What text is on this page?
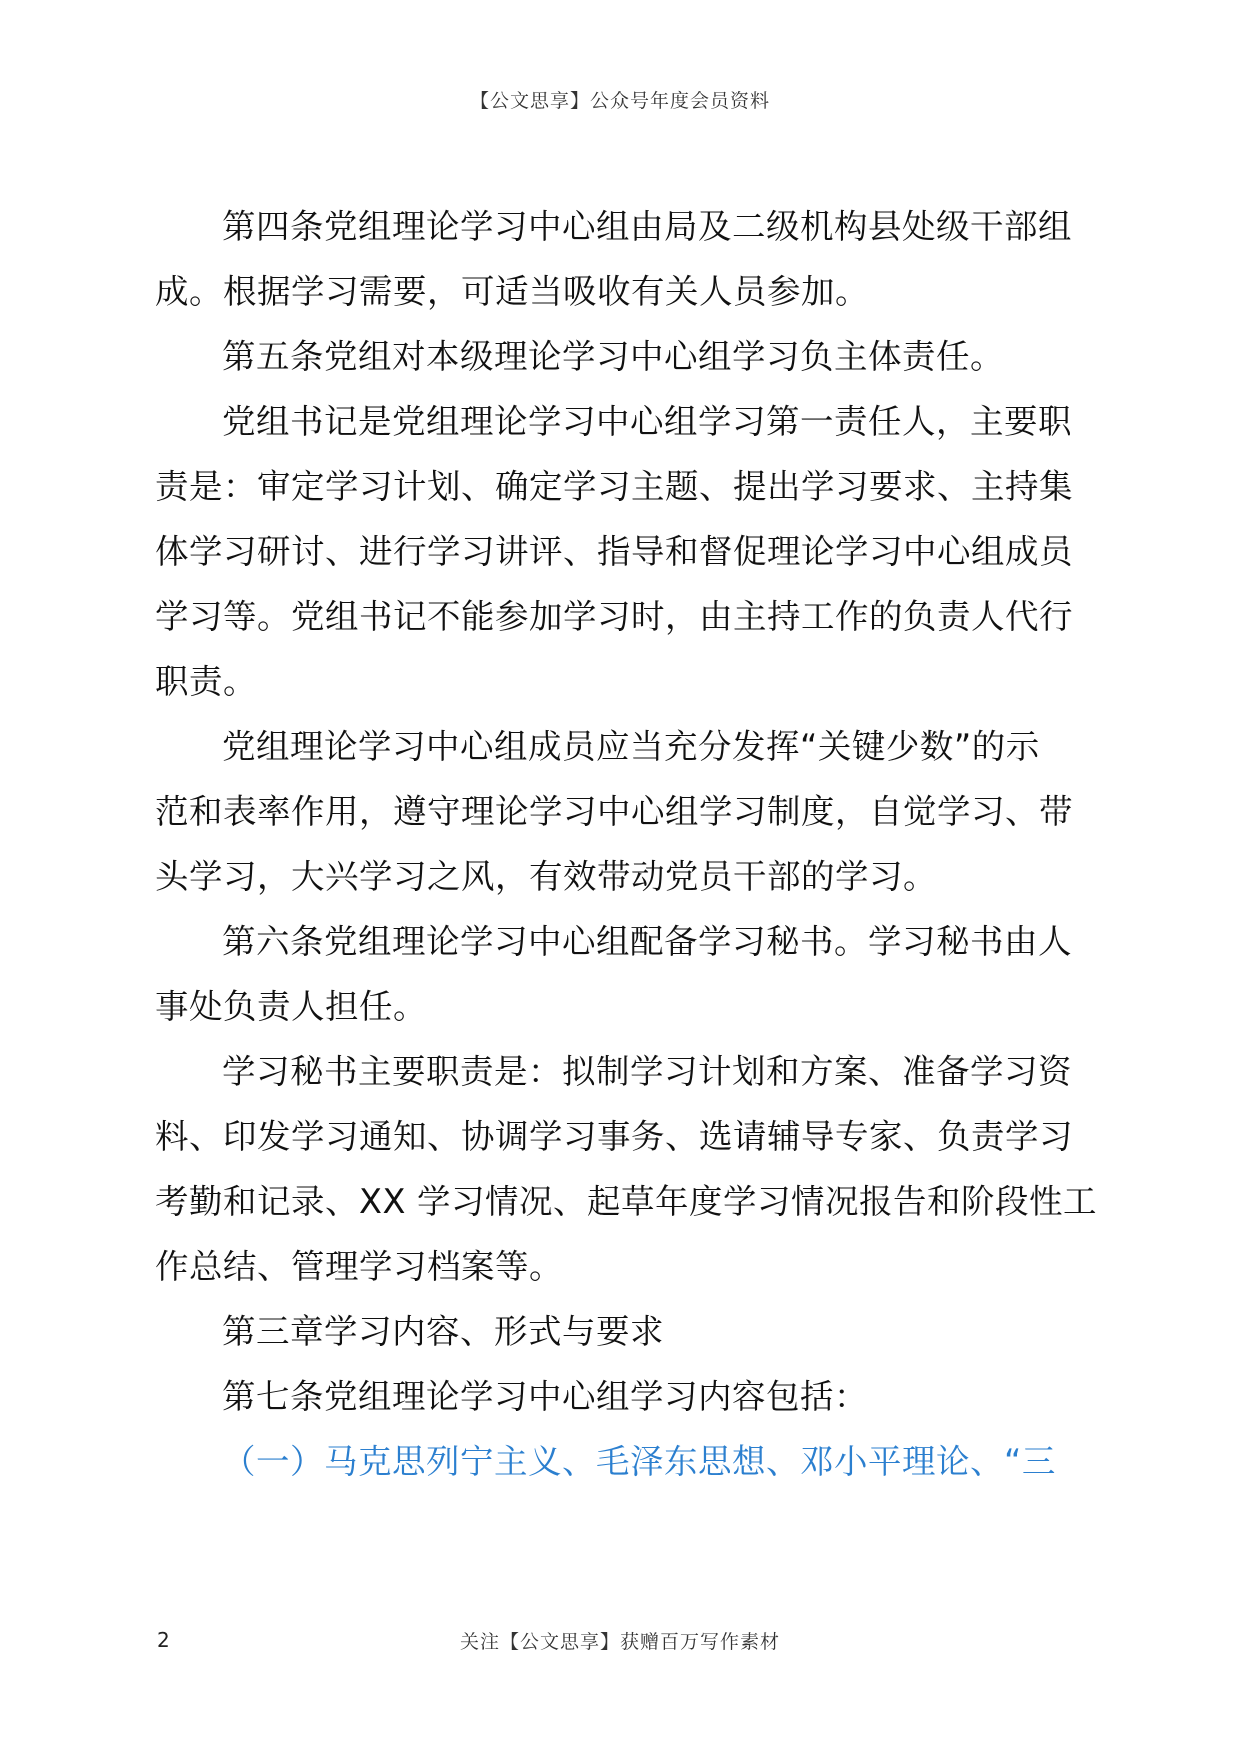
【公文思享】公众号年度会员资料
第四条党组理论学习中心组由局及二级机构县处级干部组
成。根据学习需要，可适当吸收有关人员参加。
第五条党组对本级理论学习中心组学习负主体责任。
党组书记是党组理论学习中心组学习第一责任人，主要职
责是：审定学习计划、确定学习主题、提出学习要求、主持集
体学习研讨、进行学习讲评、指导和督促理论学习中心组成员
学习等。党组书记不能参加学习时，由主持工作的负责人代行
职责。
党组理论学习中心组成员应当充分发挥“关键少数”的示
范和表率作用，遵守理论学习中心组学习制度，自觉学习、带
头学习，大兴学习之风，有效带动党员干部的学习。
第六条党组理论学习中心组配备学习秘书。学习秘书由人
事处负责人担任。
学习秘书主要职责是：拟制学习计划和方案、准备学习资
料、印发学习通知、协调学习事务、选请辅导专家、负责学习
考勤和记录、XX 学习情况、起草年度学习情况报告和阶段性工
作总结、管理学习档案等。
第三章学习内容、形式与要求
第七条党组理论学习中心组学习内容包括：
（一）马克思列宁主义、毛泽东思想、邓小平理论、“三
2	关注【公文思享】获赠百万写作素材
